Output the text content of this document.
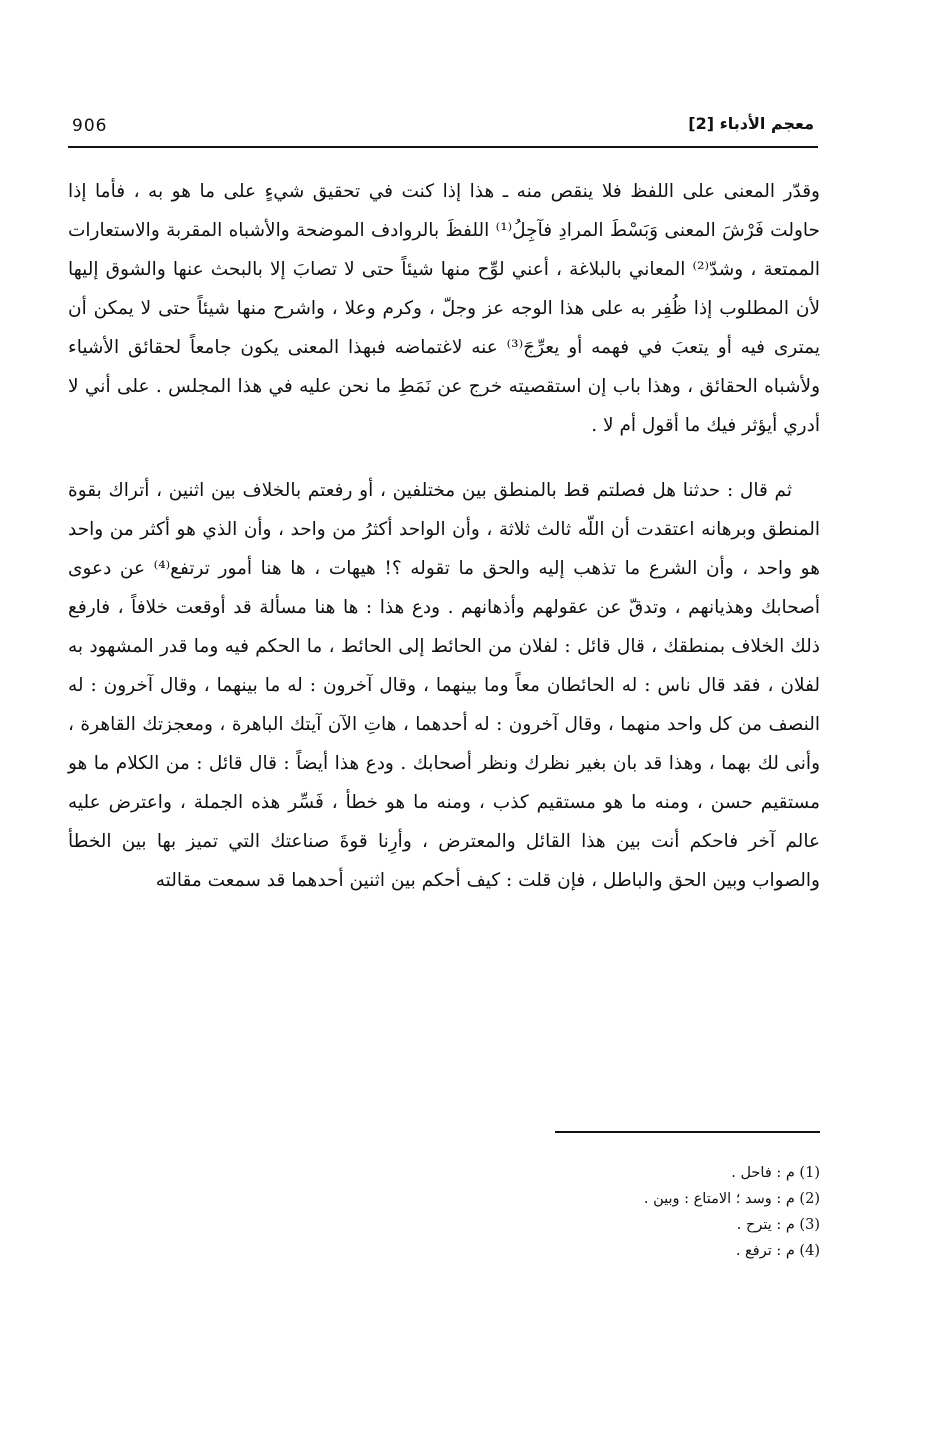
906	معجم الأدباء [2]

وقدّر المعنى على اللفظ فلا ينقص منه ـ هذا إذا كنت في تحقيق شيءٍ على ما هو به ، فأما إذا حاولت فَرْشَ المعنى وَبَسْطَ المرادِ فآجِلُ⁽¹⁾ اللفظَ بالروادف الموضحة والأشباه المقربة والاستعارات الممتعة ، وشدّ⁽²⁾ المعاني بالبلاغة ، أعني لوِّح منها شيئاً حتى لا تصابَ إلا بالبحث عنها والشوق إليها لأن المطلوب إذا ظُفِر به على هذا الوجه عز وجلّ ، وكرم وعلا ، واشرح منها شيئاً حتى لا يمكن أن يمترى فيه أو يتعبَ في فهمه أو يعرِّجَ⁽³⁾ عنه لاغتماضه فبهذا المعنى يكون جامعاً لحقائق الأشياء ولأشباه الحقائق ، وهذا باب إن استقصيته خرج عن نَمَطِ ما نحن عليه في هذا المجلس . على أني لا أدري أيؤثر فيك ما أقول أم لا .

ثم قال : حدثنا هل فصلتم قط بالمنطق بين مختلفين ، أو رفعتم بالخلاف بين اثنين ، أتراك بقوة المنطق وبرهانه اعتقدت أن اللّه ثالث ثلاثة ، وأن الواحد أكثرُ من واحد ، وأن الذي هو أكثر من واحد هو واحد ، وأن الشرع ما تذهب إليه والحق ما تقوله ؟! هيهات ، ها هنا أمور ترتفع⁽⁴⁾ عن دعوى أصحابك وهذيانهم ، وتدقّ عن عقولهم وأذهانهم . ودع هذا : ها هنا مسألة قد أوقعت خلافاً ، فارفع ذلك الخلاف بمنطقك ، قال قائل : لفلان من الحائط إلى الحائط ، ما الحكم فيه وما قدر المشهود به لفلان ، فقد قال ناس : له الحائطان معاً وما بينهما ، وقال آخرون : له ما بينهما ، وقال آخرون : له النصف من كل واحد منهما ، وقال آخرون : له أحدهما ، هاتِ الآن آيتك الباهرة ، ومعجزتك القاهرة ، وأنى لك بهما ، وهذا قد بان بغير نظرك ونظر أصحابك . ودع هذا أيضاً : قال قائل : من الكلام ما هو مستقيم حسن ، ومنه ما هو مستقيم كذب ، ومنه ما هو خطأ ، فَسِّر هذه الجملة ، واعترض عليه عالم آخر فاحكم أنت بين هذا القائل والمعترض ، وأرِنا قوةَ صناعتك التي تميز بها بين الخطأ والصواب وبين الحق والباطل ، فإن قلت : كيف أحكم بين اثنين أحدهما قد سمعت مقالته

(1) م : فاحل .
(2) م : وسد ؛ الامتاع : وبين .
(3) م : يترح .
(4) م : ترفع .
